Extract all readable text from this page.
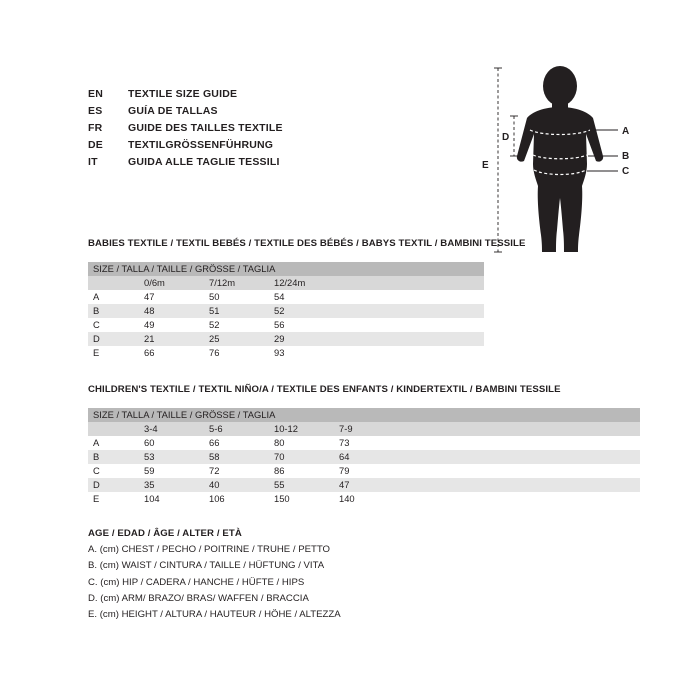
EN	TEXTILE SIZE GUIDE
ES	GUÍA DE TALLAS
FR	GUIDE DES TAILLES TEXTILE
DE	TEXTILGRÖSSENFÜHRUNG
IT	GUIDA ALLE TAGLIE TESSILI
A
B
C
D
E
BABIES TEXTILE / TEXTIL BEBÉS / TEXTILE DES BÉBÉS / BABYS TEXTIL / BAMBINI TESSILE
SIZE / TALLA / TAILLE / GRÖSSE / TAGLIA			
	0/6m	7/12m	12/24m
A	47	50	54
B	48	51	52
C	49	52	56
D	21	25	29
E	66	76	93
CHILDREN'S TEXTILE / TEXTIL NIÑO/A / TEXTILE DES ENFANTS / KINDERTEXTIL / BAMBINI TESSILE
SIZE / TALLA / TAILLE / GRÖSSE / TAGLIA				
	3-4	5-6	10-12	7-9
A	60	66	80	73
B	53	58	70	64
C	59	72	86	79
D	35	40	55	47
E	104	106	150	140
AGE / EDAD / ÂGE / ALTER / ETÀ
A. (cm) CHEST / PECHO / POITRINE / TRUHE / PETTO
B. (cm) WAIST / CINTURA / TAILLE / HÜFTUNG / VITA
C. (cm) HIP / CADERA / HANCHE / HÜFTE / HIPS
D. (cm) ARM/ BRAZO/ BRAS/ WAFFEN / BRACCIA
E. (cm) HEIGHT / ALTURA / HAUTEUR / HÖHE / ALTEZZA
